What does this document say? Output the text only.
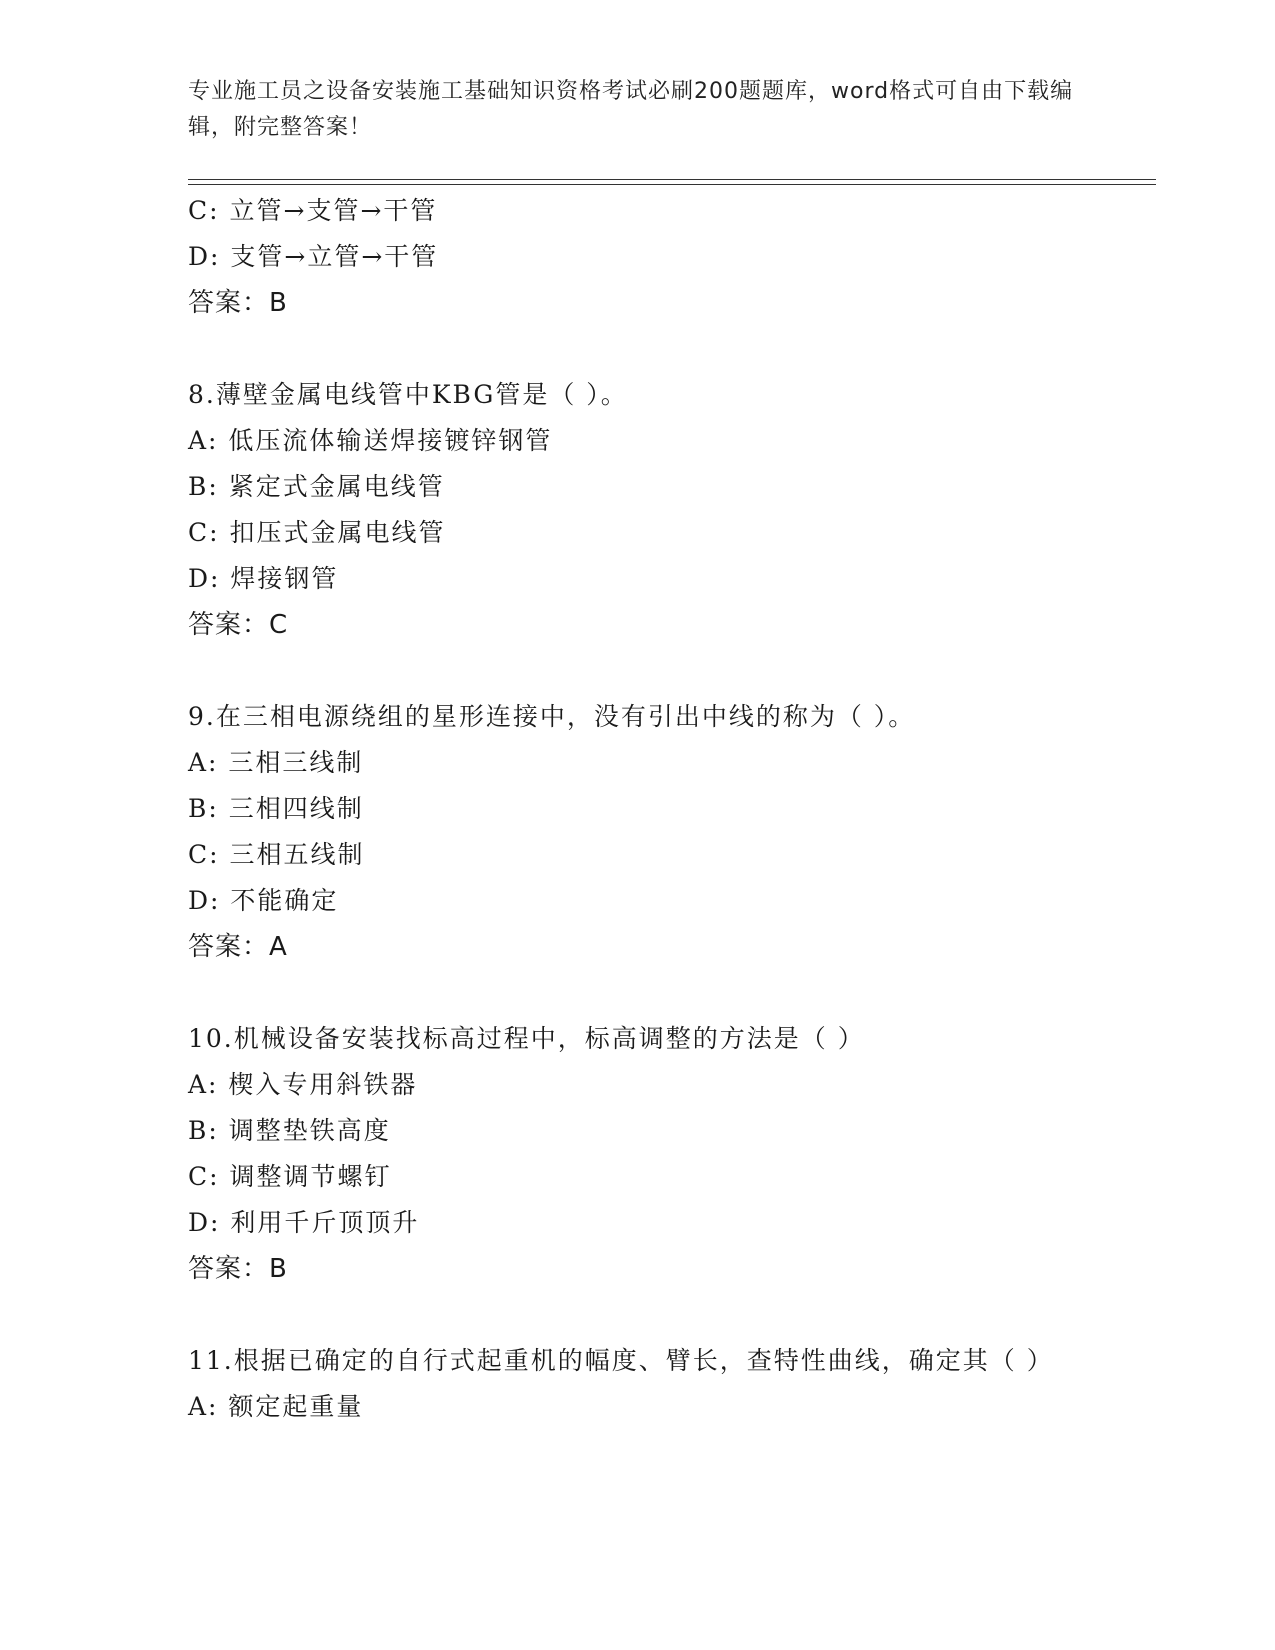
专业施工员之设备安装施工基础知识资格考试必刷200题题库，word格式可自由下载编辑，附完整答案！
C: 立管→支管→干管
D: 支管→立管→干管
答案：B
8.薄壁金属电线管中KBG管是（ ）。
A: 低压流体输送焊接镀锌钢管
B: 紧定式金属电线管
C: 扣压式金属电线管
D: 焊接钢管
答案：C
9.在三相电源绕组的星形连接中，没有引出中线的称为（ ）。
A: 三相三线制
B: 三相四线制
C: 三相五线制
D: 不能确定
答案：A
10.机械设备安装找标高过程中，标高调整的方法是（ ）
A: 楔入专用斜铁器
B: 调整垫铁高度
C: 调整调节螺钉
D: 利用千斤顶顶升
答案：B
11.根据已确定的自行式起重机的幅度、臂长，查特性曲线，确定其（ ）
A: 额定起重量
